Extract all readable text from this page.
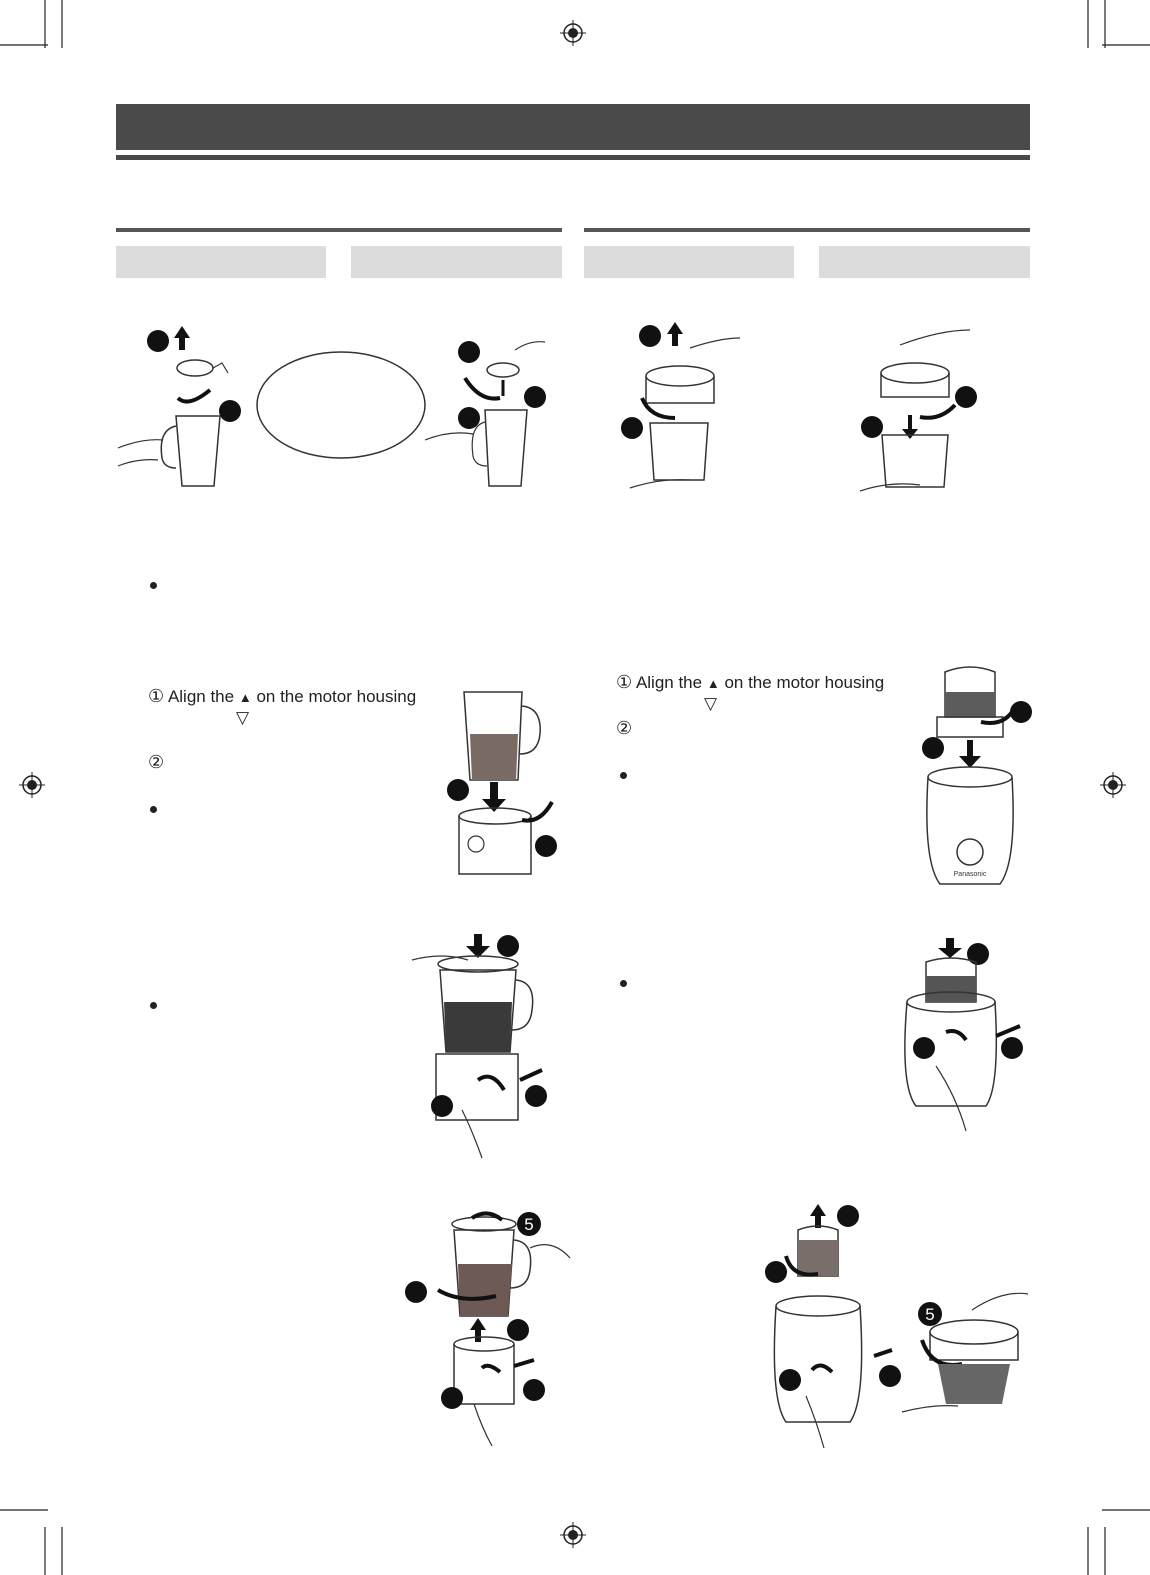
① Align the ▲ on the motor housing
▽
②
① Align the ▲ on the motor housing
▽
②
Panasonic
5
5
